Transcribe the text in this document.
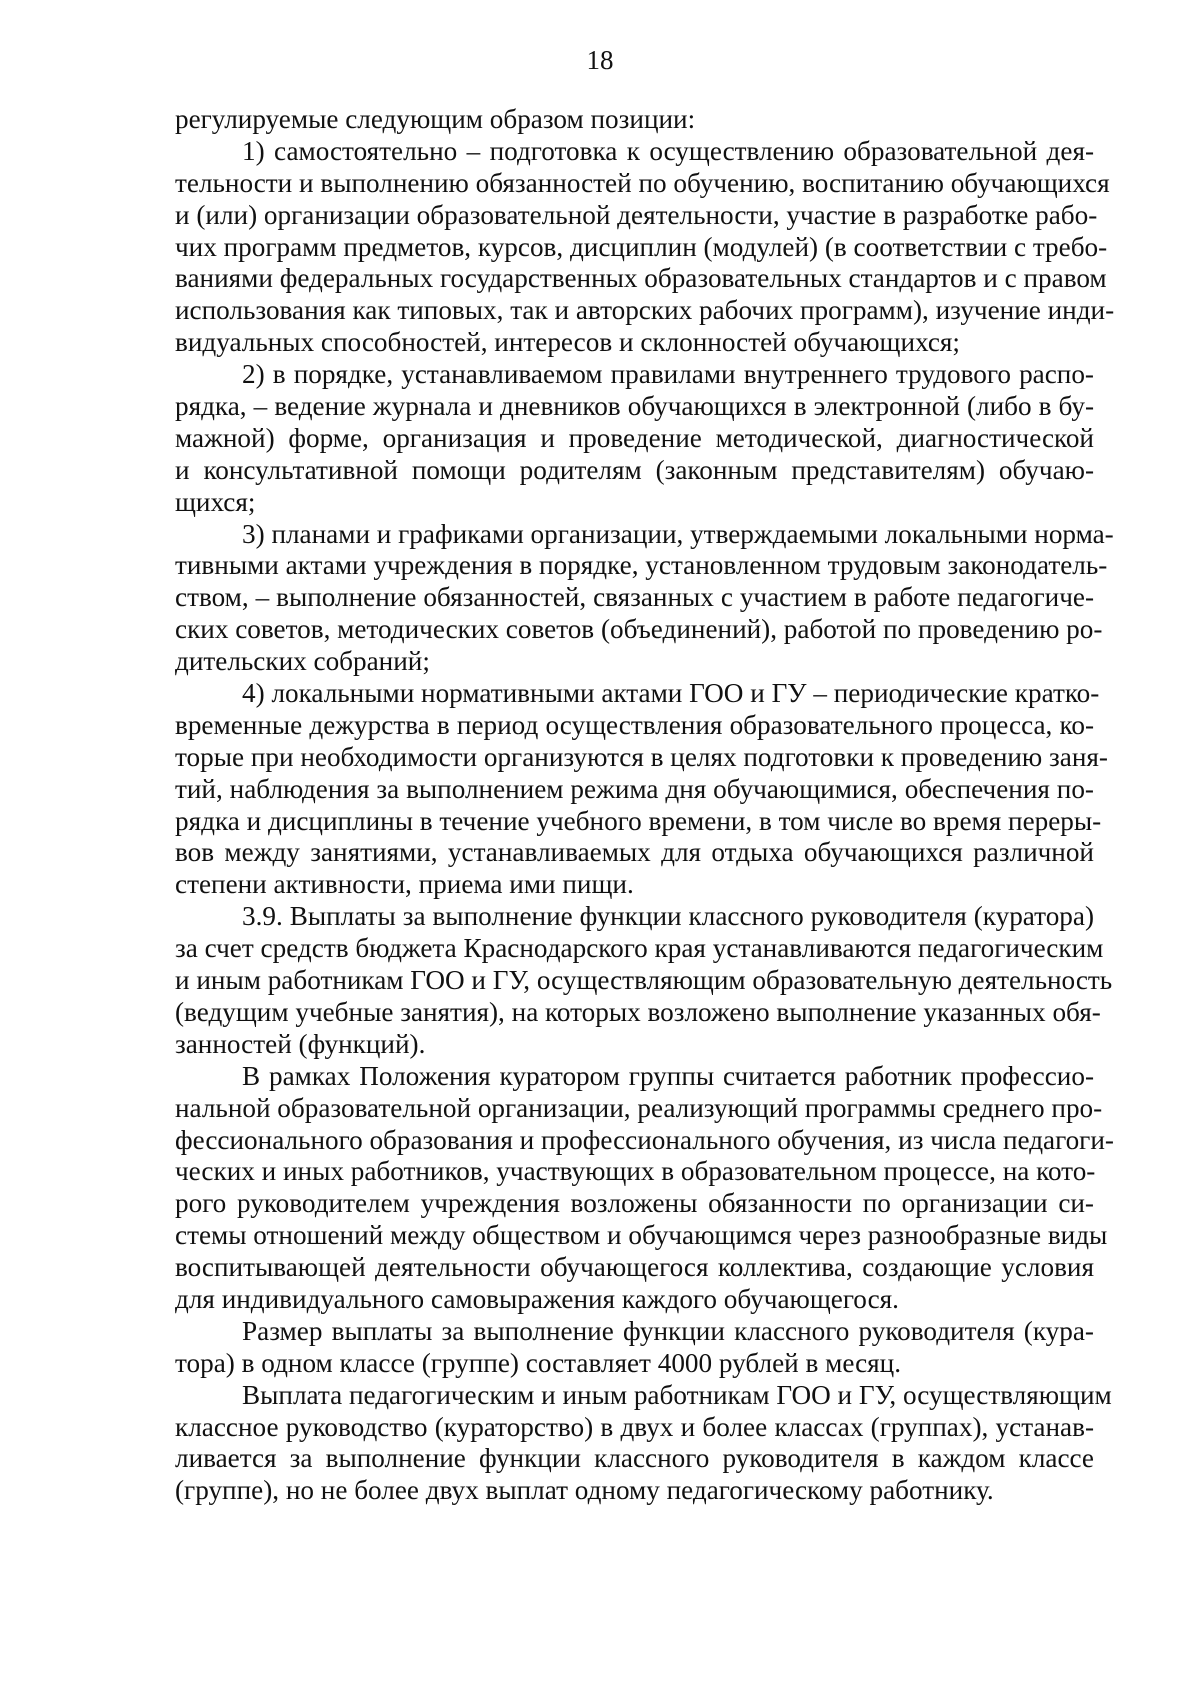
18
регулируемые следующим образом позиции:
1) самостоятельно – подготовка к осуществлению образовательной дея-
тельности и выполнению обязанностей по обучению, воспитанию обучающихся
и (или) организации образовательной деятельности, участие в разработке рабо-
чих программ предметов, курсов, дисциплин (модулей) (в соответствии с требо-
ваниями федеральных государственных образовательных стандартов и с правом
использования как типовых, так и авторских рабочих программ), изучение инди-
видуальных способностей, интересов и склонностей обучающихся;
2) в порядке, устанавливаемом правилами внутреннего трудового распо-
рядка, – ведение журнала и дневников обучающихся в электронной (либо в бу-
мажной) форме, организация и проведение методической, диагностической
и консультативной помощи родителям (законным представителям) обучаю-
щихся;
3) планами и графиками организации, утверждаемыми локальными норма-
тивными актами учреждения в порядке, установленном трудовым законодатель-
ством, – выполнение обязанностей, связанных с участием в работе педагогиче-
ских советов, методических советов (объединений), работой по проведению ро-
дительских собраний;
4) локальными нормативными актами ГОО и ГУ – периодические кратко-
временные дежурства в период осуществления образовательного процесса, ко-
торые при необходимости организуются в целях подготовки к проведению заня-
тий, наблюдения за выполнением режима дня обучающимися, обеспечения по-
рядка и дисциплины в течение учебного времени, в том числе во время переры-
вов между занятиями, устанавливаемых для отдыха обучающихся различной
степени активности, приема ими пищи.
3.9. Выплаты за выполнение функции классного руководителя (куратора)
за счет средств бюджета Краснодарского края устанавливаются педагогическим
и иным работникам ГОО и ГУ, осуществляющим образовательную деятельность
(ведущим учебные занятия), на которых возложено выполнение указанных обя-
занностей (функций).
В рамках Положения куратором группы считается работник профессио-
нальной образовательной организации, реализующий программы среднего про-
фессионального образования и профессионального обучения, из числа педагоги-
ческих и иных работников, участвующих в образовательном процессе, на кото-
рого руководителем учреждения возложены обязанности по организации си-
стемы отношений между обществом и обучающимся через разнообразные виды
воспитывающей деятельности обучающегося коллектива, создающие условия
для индивидуального самовыражения каждого обучающегося.
Размер выплаты за выполнение функции классного руководителя (кура-
тора) в одном классе (группе) составляет 4000 рублей в месяц.
Выплата педагогическим и иным работникам ГОО и ГУ, осуществляющим
классное руководство (кураторство) в двух и более классах (группах), устанав-
ливается за выполнение функции классного руководителя в каждом классе
(группе), но не более двух выплат одному педагогическому работнику.
